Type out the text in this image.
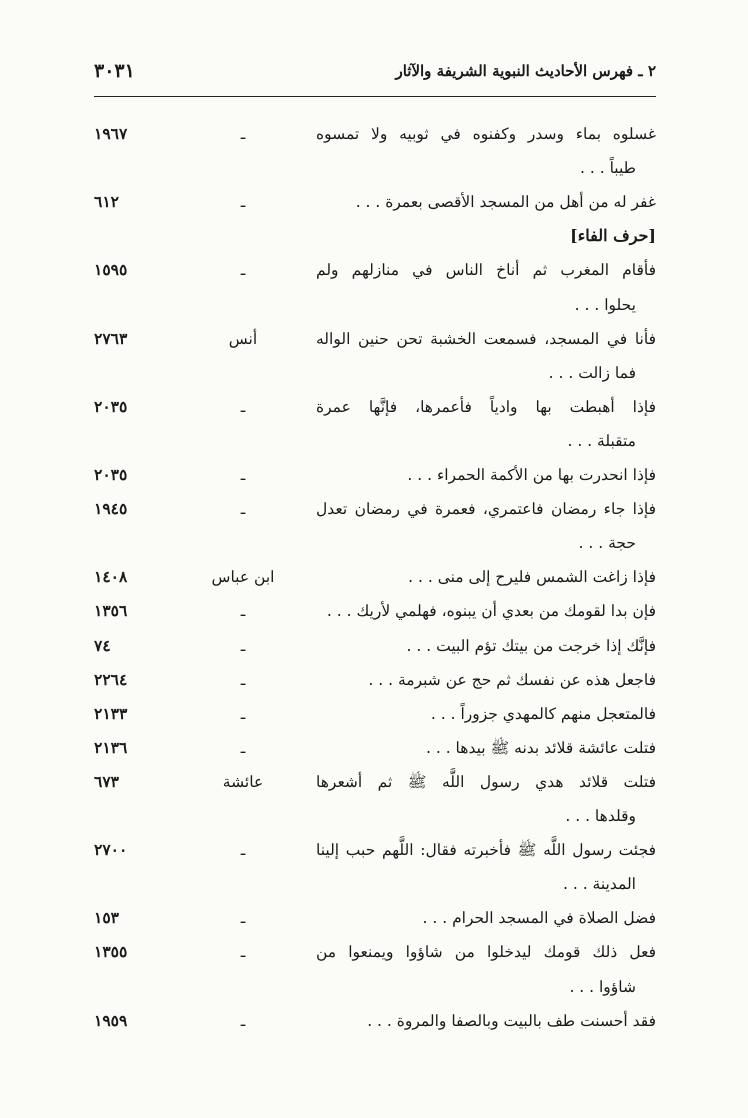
٣٠٣١	٢ ـ فهرس الأحاديث النبوية الشريفة والآثار
غسلوه بماء وسدر وكفنوه في ثوبيه ولا تمسوه
ـ
١٩٦٧
طيباً . . .
غفر له من أهل من المسجد الأقصى بعمرة . . .
ـ
٦١٢
[حرف الفاء]
فأقام المغرب ثم أناخ الناس في منازلهم ولم
ـ
١٥٩٥
يحلوا . . .
فأنا في المسجد، فسمعت الخشبة تحن حنين الواله
أنس
٢٧٦٣
فما زالت . . .
فإذا أهبطت بها وادياً فأعمرها، فإنَّها عمرة
ـ
٢٠٣٥
متقبلة . . .
فإذا انحدرت بها من الأكمة الحمراء . . .
ـ
٢٠٣٥
فإذا جاء رمضان فاعتمري، فعمرة في رمضان تعدل
ـ
١٩٤٥
حجة . . .
فإذا زاغت الشمس فليرح إلى منى . . .
ابن عباس
١٤٠٨
فإن بدا لقومك من بعدي أن يبنوه، فهلمي لأريك . . .
ـ
١٣٥٦
فإنَّك إذا خرجت من بيتك تؤم البيت . . .
ـ
٧٤
فاجعل هذه عن نفسك ثم حج عن شبرمة . . .
ـ
٢٢٦٤
فالمتعجل منهم كالمهدي جزوراً . . .
ـ
٢١٣٣
فتلت عائشة قلائد بدنه ﷺ بيدها . . .
ـ
٢١٣٦
فتلت قلائد هدي رسول اللَّه ﷺ ثم أشعرها
عائشة
٦٧٣
وقلدها . . .
فجئت رسول اللَّه ﷺ فأخبرته فقال: اللَّهم حبب إلينا
ـ
٢٧٠٠
المدينة . . .
فضل الصلاة في المسجد الحرام . . .
ـ
١٥٣
فعل ذلك قومك ليدخلوا من شاؤوا ويمنعوا من
ـ
١٣٥٥
شاؤوا . . .
فقد أحسنت طف بالبيت وبالصفا والمروة . . .
ـ
١٩٥٩
